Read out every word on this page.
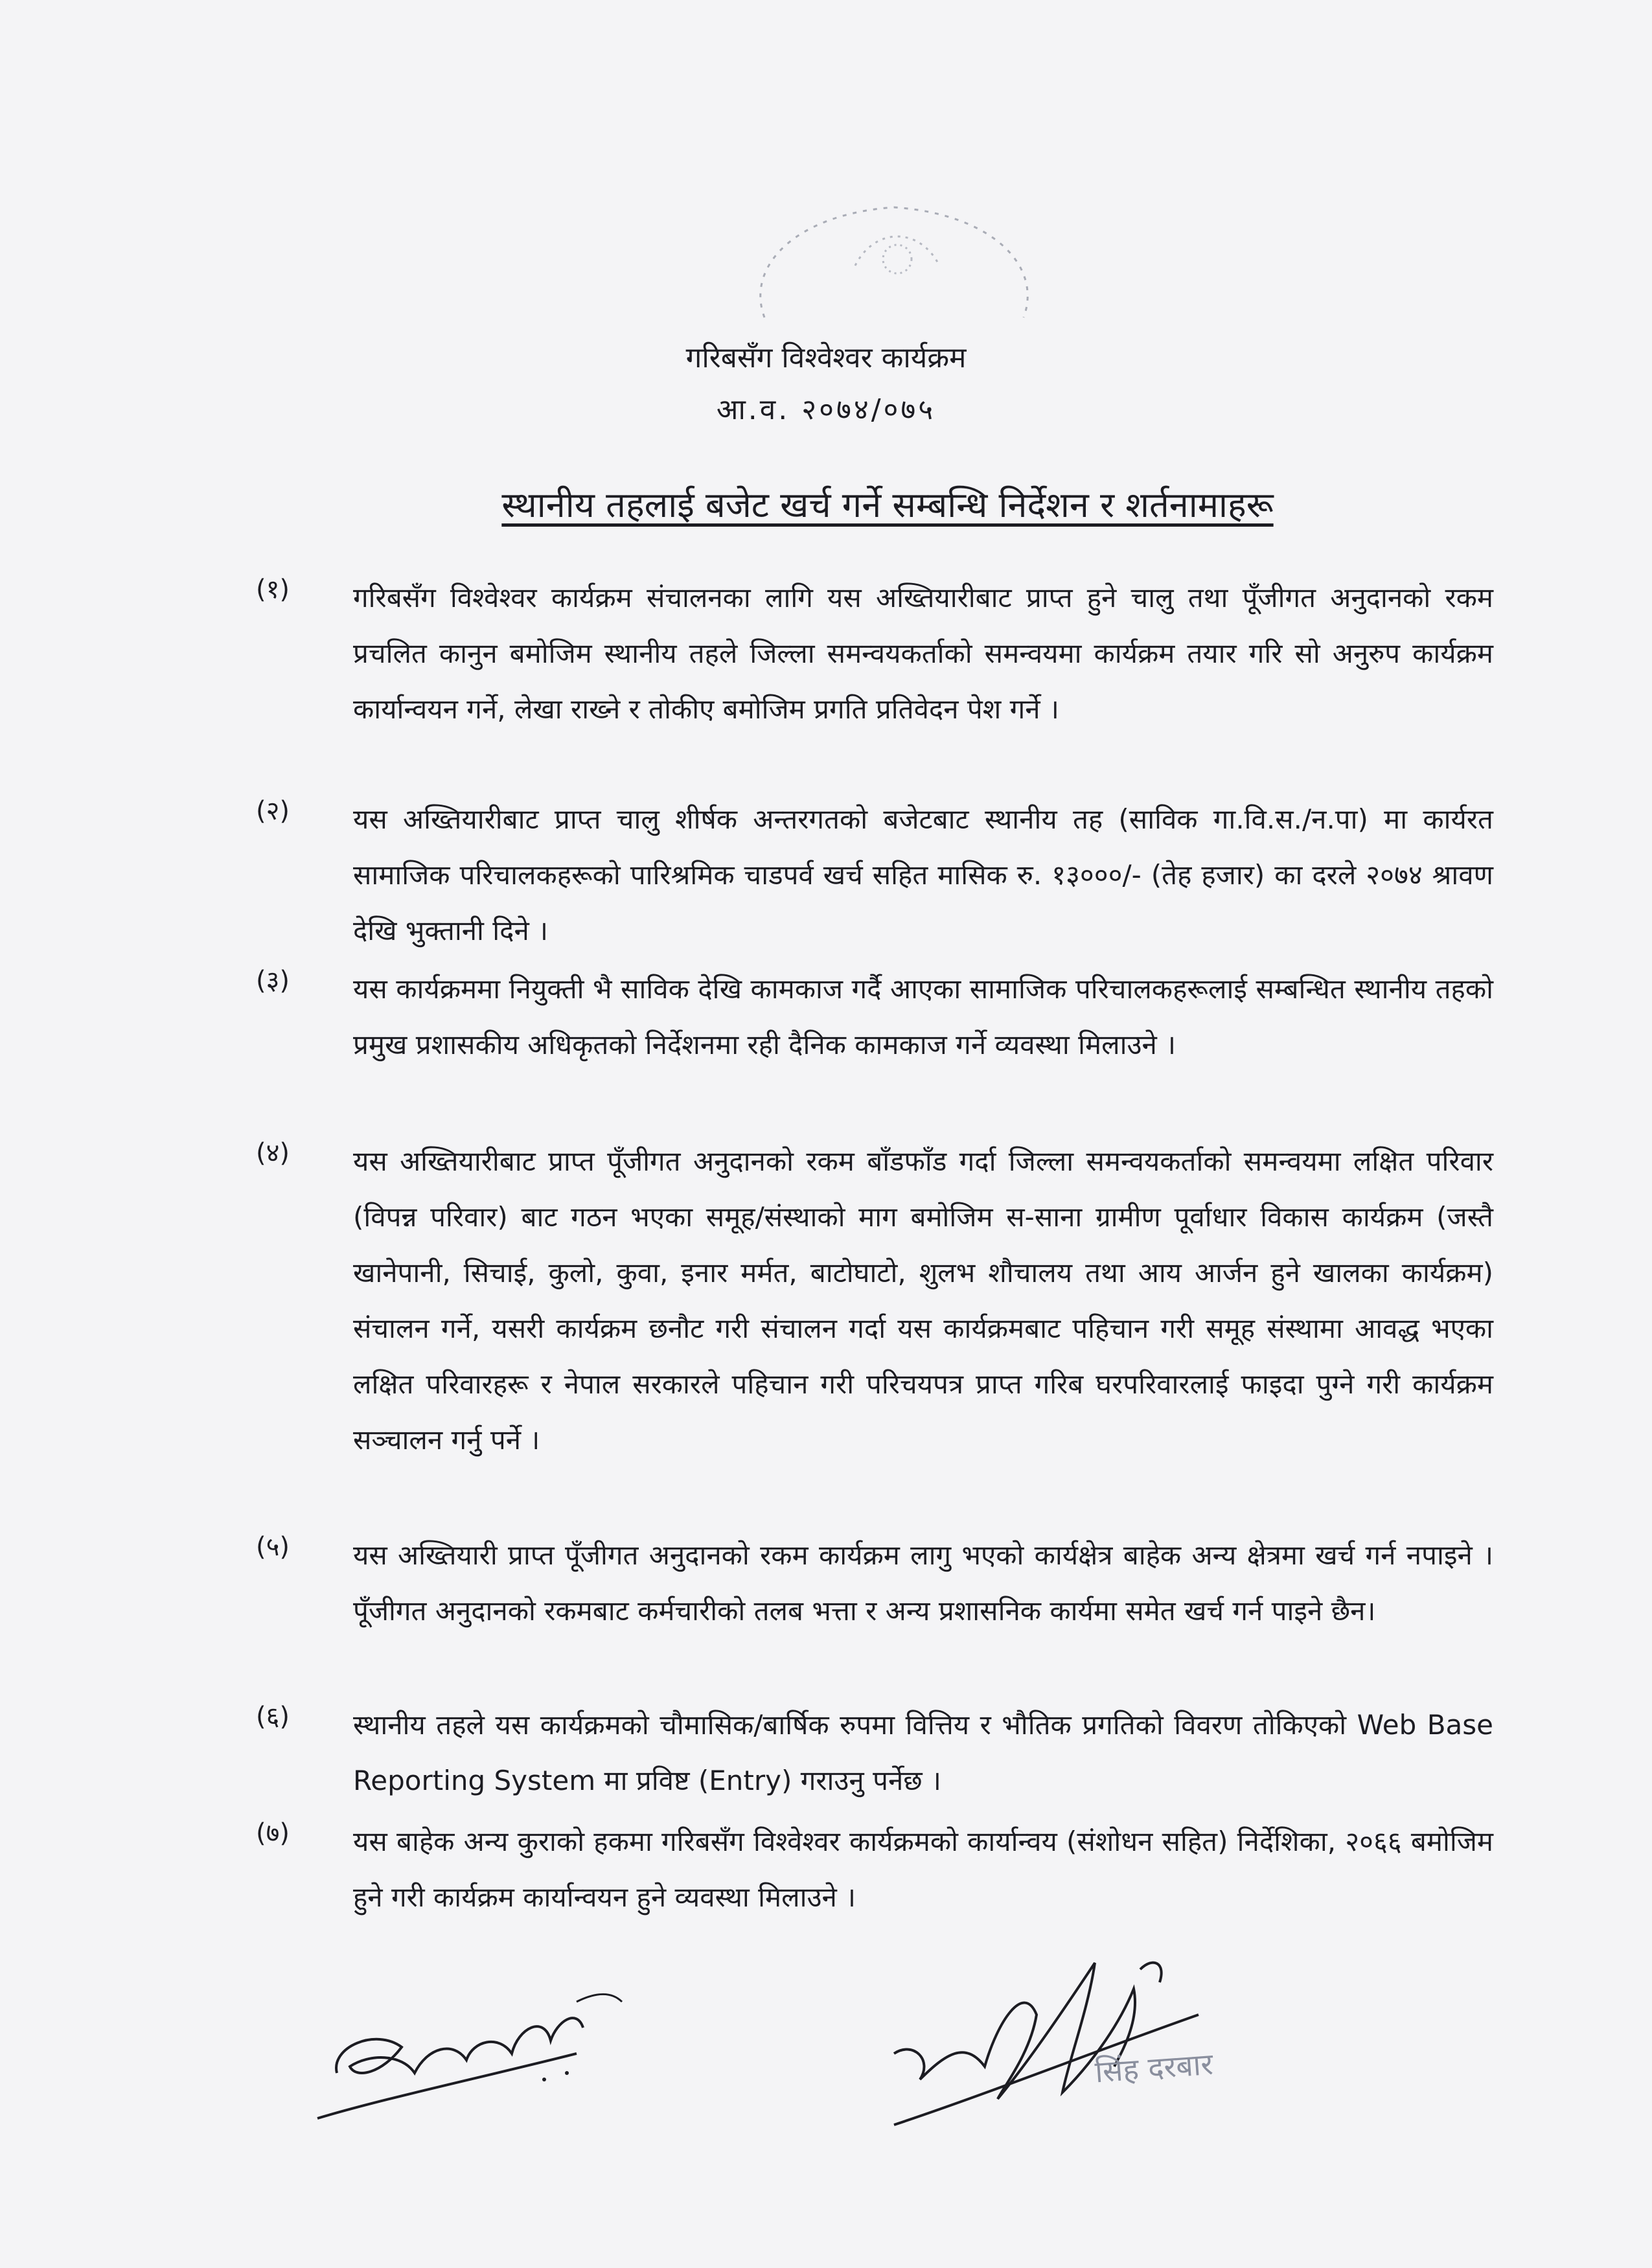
गरिबसँग विश्वेश्वर कार्यक्रम
आ.व. २०७४/०७५
स्थानीय तहलाई बजेट खर्च गर्ने सम्बन्धि निर्देशन र शर्तनामाहरू
(१)	गरिबसँग विश्वेश्वर कार्यक्रम संचालनका लागि यस अख्तियारीबाट प्राप्त हुने चालु तथा पूँजीगत अनुदानको रकम प्रचलित कानुन बमोजिम स्थानीय तहले जिल्ला समन्वयकर्ताको समन्वयमा कार्यक्रम तयार गरि सो अनुरुप कार्यक्रम कार्यान्वयन गर्ने, लेखा राख्ने र तोकीए बमोजिम प्रगति प्रतिवेदन पेश गर्ने ।
(२)	यस अख्तियारीबाट प्राप्त चालु शीर्षक अन्तरगतको बजेटबाट स्थानीय तह (साविक गा.वि.स./न.पा) मा कार्यरत सामाजिक परिचालकहरूको पारिश्रमिक चाडपर्व खर्च सहित मासिक रु. १३०००/- (तेह हजार) का दरले २०७४ श्रावण देखि भुक्तानी दिने ।
(३)	यस कार्यक्रममा नियुक्ती भै साविक देखि कामकाज गर्दै आएका सामाजिक परिचालकहरूलाई सम्बन्धित स्थानीय तहको प्रमुख प्रशासकीय अधिकृतको निर्देशनमा रही दैनिक कामकाज गर्ने व्यवस्था मिलाउने ।
(४)	यस अख्तियारीबाट प्राप्त पूँजीगत अनुदानको रकम बाँडफाँड गर्दा जिल्ला समन्वयकर्ताको समन्वयमा लक्षित परिवार (विपन्न परिवार) बाट गठन भएका समूह/संस्थाको माग बमोजिम स-साना ग्रामीण पूर्वाधार विकास कार्यक्रम (जस्तै खानेपानी, सिचाई, कुलो, कुवा, इनार मर्मत, बाटोघाटो, शुलभ शौचालय तथा आय आर्जन हुने खालका कार्यक्रम) संचालन गर्ने, यसरी कार्यक्रम छनौट गरी संचालन गर्दा यस कार्यक्रमबाट पहिचान गरी समूह संस्थामा आवद्ध भएका लक्षित परिवारहरू र नेपाल सरकारले पहिचान गरी परिचयपत्र प्राप्त गरिब घरपरिवारलाई फाइदा पुग्ने गरी कार्यक्रम सञ्चालन गर्नु पर्ने ।
(५)	यस अख्तियारी प्राप्त पूँजीगत अनुदानको रकम कार्यक्रम लागु भएको कार्यक्षेत्र बाहेक अन्य क्षेत्रमा खर्च गर्न नपाइने । पूँजीगत अनुदानको रकमबाट कर्मचारीको तलब भत्ता र अन्य प्रशासनिक कार्यमा समेत खर्च गर्न पाइने छैन।
(६)	स्थानीय तहले यस कार्यक्रमको चौमासिक/बार्षिक रुपमा वित्तिय र भौतिक प्रगतिको विवरण तोकिएको Web Base Reporting System मा प्रविष्ट (Entry) गराउनु पर्नेछ ।
(७)	यस बाहेक अन्य कुराको हकमा गरिबसँग विश्वेश्वर कार्यक्रमको कार्यान्वय (संशोधन सहित) निर्देशिका, २०६६ बमोजिम हुने गरी कार्यक्रम कार्यान्वयन हुने व्यवस्था मिलाउने ।
सिंह दरबार
